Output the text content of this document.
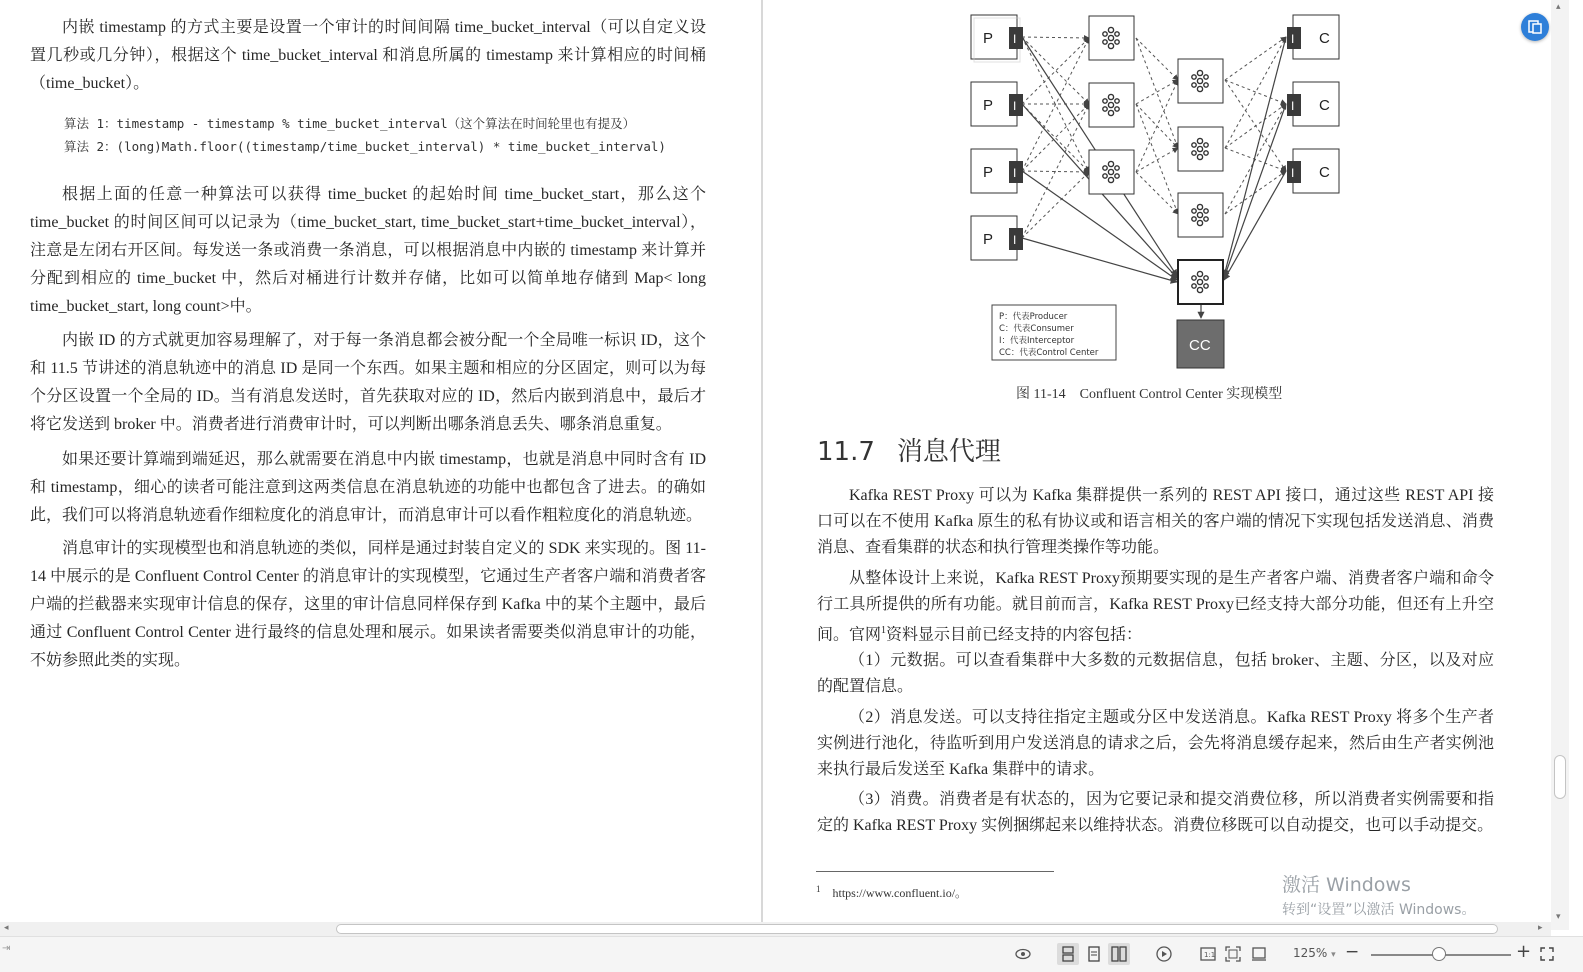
内嵌 timestamp 的方式主要是设置一个审计的时间间隔 time_bucket_interval（可以自定义设置几秒或几分钟），根据这个 time_bucket_interval 和消息所属的 timestamp 来计算相应的时间桶（time_bucket）。

算法 1：timestamp - timestamp % time_bucket_interval（这个算法在时间轮里也有提及）
算法 2：(long)Math.floor((timestamp/time_bucket_interval) * time_bucket_interval)

根据上面的任意一种算法可以获得 time_bucket 的起始时间 time_bucket_start，那么这个 time_bucket 的时间区间可以记录为（time_bucket_start, time_bucket_start+time_bucket_interval），注意是左闭右开区间。每发送一条或消费一条消息，可以根据消息中内嵌的 timestamp 来计算并分配到相应的 time_bucket 中，然后对桶进行计数并存储，比如可以简单地存储到 Map< long time_bucket_start, long count>中。

内嵌 ID 的方式就更加容易理解了，对于每一条消息都会被分配一个全局唯一标识 ID，这个和 11.5 节讲述的消息轨迹中的消息 ID 是同一个东西。如果主题和相应的分区固定，则可以为每个分区设置一个全局的 ID。当有消息发送时，首先获取对应的 ID，然后内嵌到消息中，最后才将它发送到 broker 中。消费者进行消费审计时，可以判断出哪条消息丢失、哪条消息重复。

如果还要计算端到端延迟，那么就需要在消息中内嵌 timestamp，也就是消息中同时含有 ID 和 timestamp，细心的读者可能注意到这两类信息在消息轨迹的功能中也都包含了进去。的确如此，我们可以将消息轨迹看作细粒度化的消息审计，而消息审计可以看作粗粒度化的消息轨迹。

消息审计的实现模型也和消息轨迹的类似，同样是通过封装自定义的 SDK 来实现的。图 11-14 中展示的是 Confluent Control Center 的消息审计的实现模型，它通过生产者客户端和消费者客户端的拦截器来实现审计信息的保存，这里的审计信息同样保存到 Kafka 中的某个主题中，最后通过 Confluent Control Center 进行最终的信息处理和展示。如果读者需要类似消息审计的功能，不妨参照此类的实现。

P I
P I
P I
P I
I C
I C
I C
CC
P：代表Producer
C：代表Consumer
I：代表Interceptor
CC：代表Control Center
图 11-14　Confluent Control Center 实现模型
11.7 消息代理

Kafka REST Proxy 可以为 Kafka 集群提供一系列的 REST API 接口，通过这些 REST API 接口可以在不使用 Kafka 原生的私有协议或和语言相关的客户端的情况下实现包括发送消息、消费消息、查看集群的状态和执行管理类操作等功能。

从整体设计上来说，Kafka REST Proxy预期要实现的是生产者客户端、消费者客户端和命令行工具所提供的所有功能。就目前而言，Kafka REST Proxy已经支持大部分功能，但还有上升空间。官网$^1$资料显示目前已经支持的内容包括：

（1）元数据。可以查看集群中大多数的元数据信息，包括 broker、主题、分区，以及对应的配置信息。

（2）消息发送。可以支持往指定主题或分区中发送消息。Kafka REST Proxy 将多个生产者实例进行池化，待监听到用户发送消息的请求之后，会先将消息缓存起来，然后由生产者实例池来执行最后发送至 Kafka 集群中的请求。

（3）消费。消费者是有状态的，因为它要记录和提交消费位移，所以消费者实例需要和指定的 Kafka REST Proxy 实例捆绑起来以维持状态。消费位移既可以自动提交，也可以手动提交。

$^1$ https://www.confluent.io/。	激活 Windows
转到“设置”以激活 Windows。
▴
▾
◂	▸
⇥
1:1	125% ▾ −	+
